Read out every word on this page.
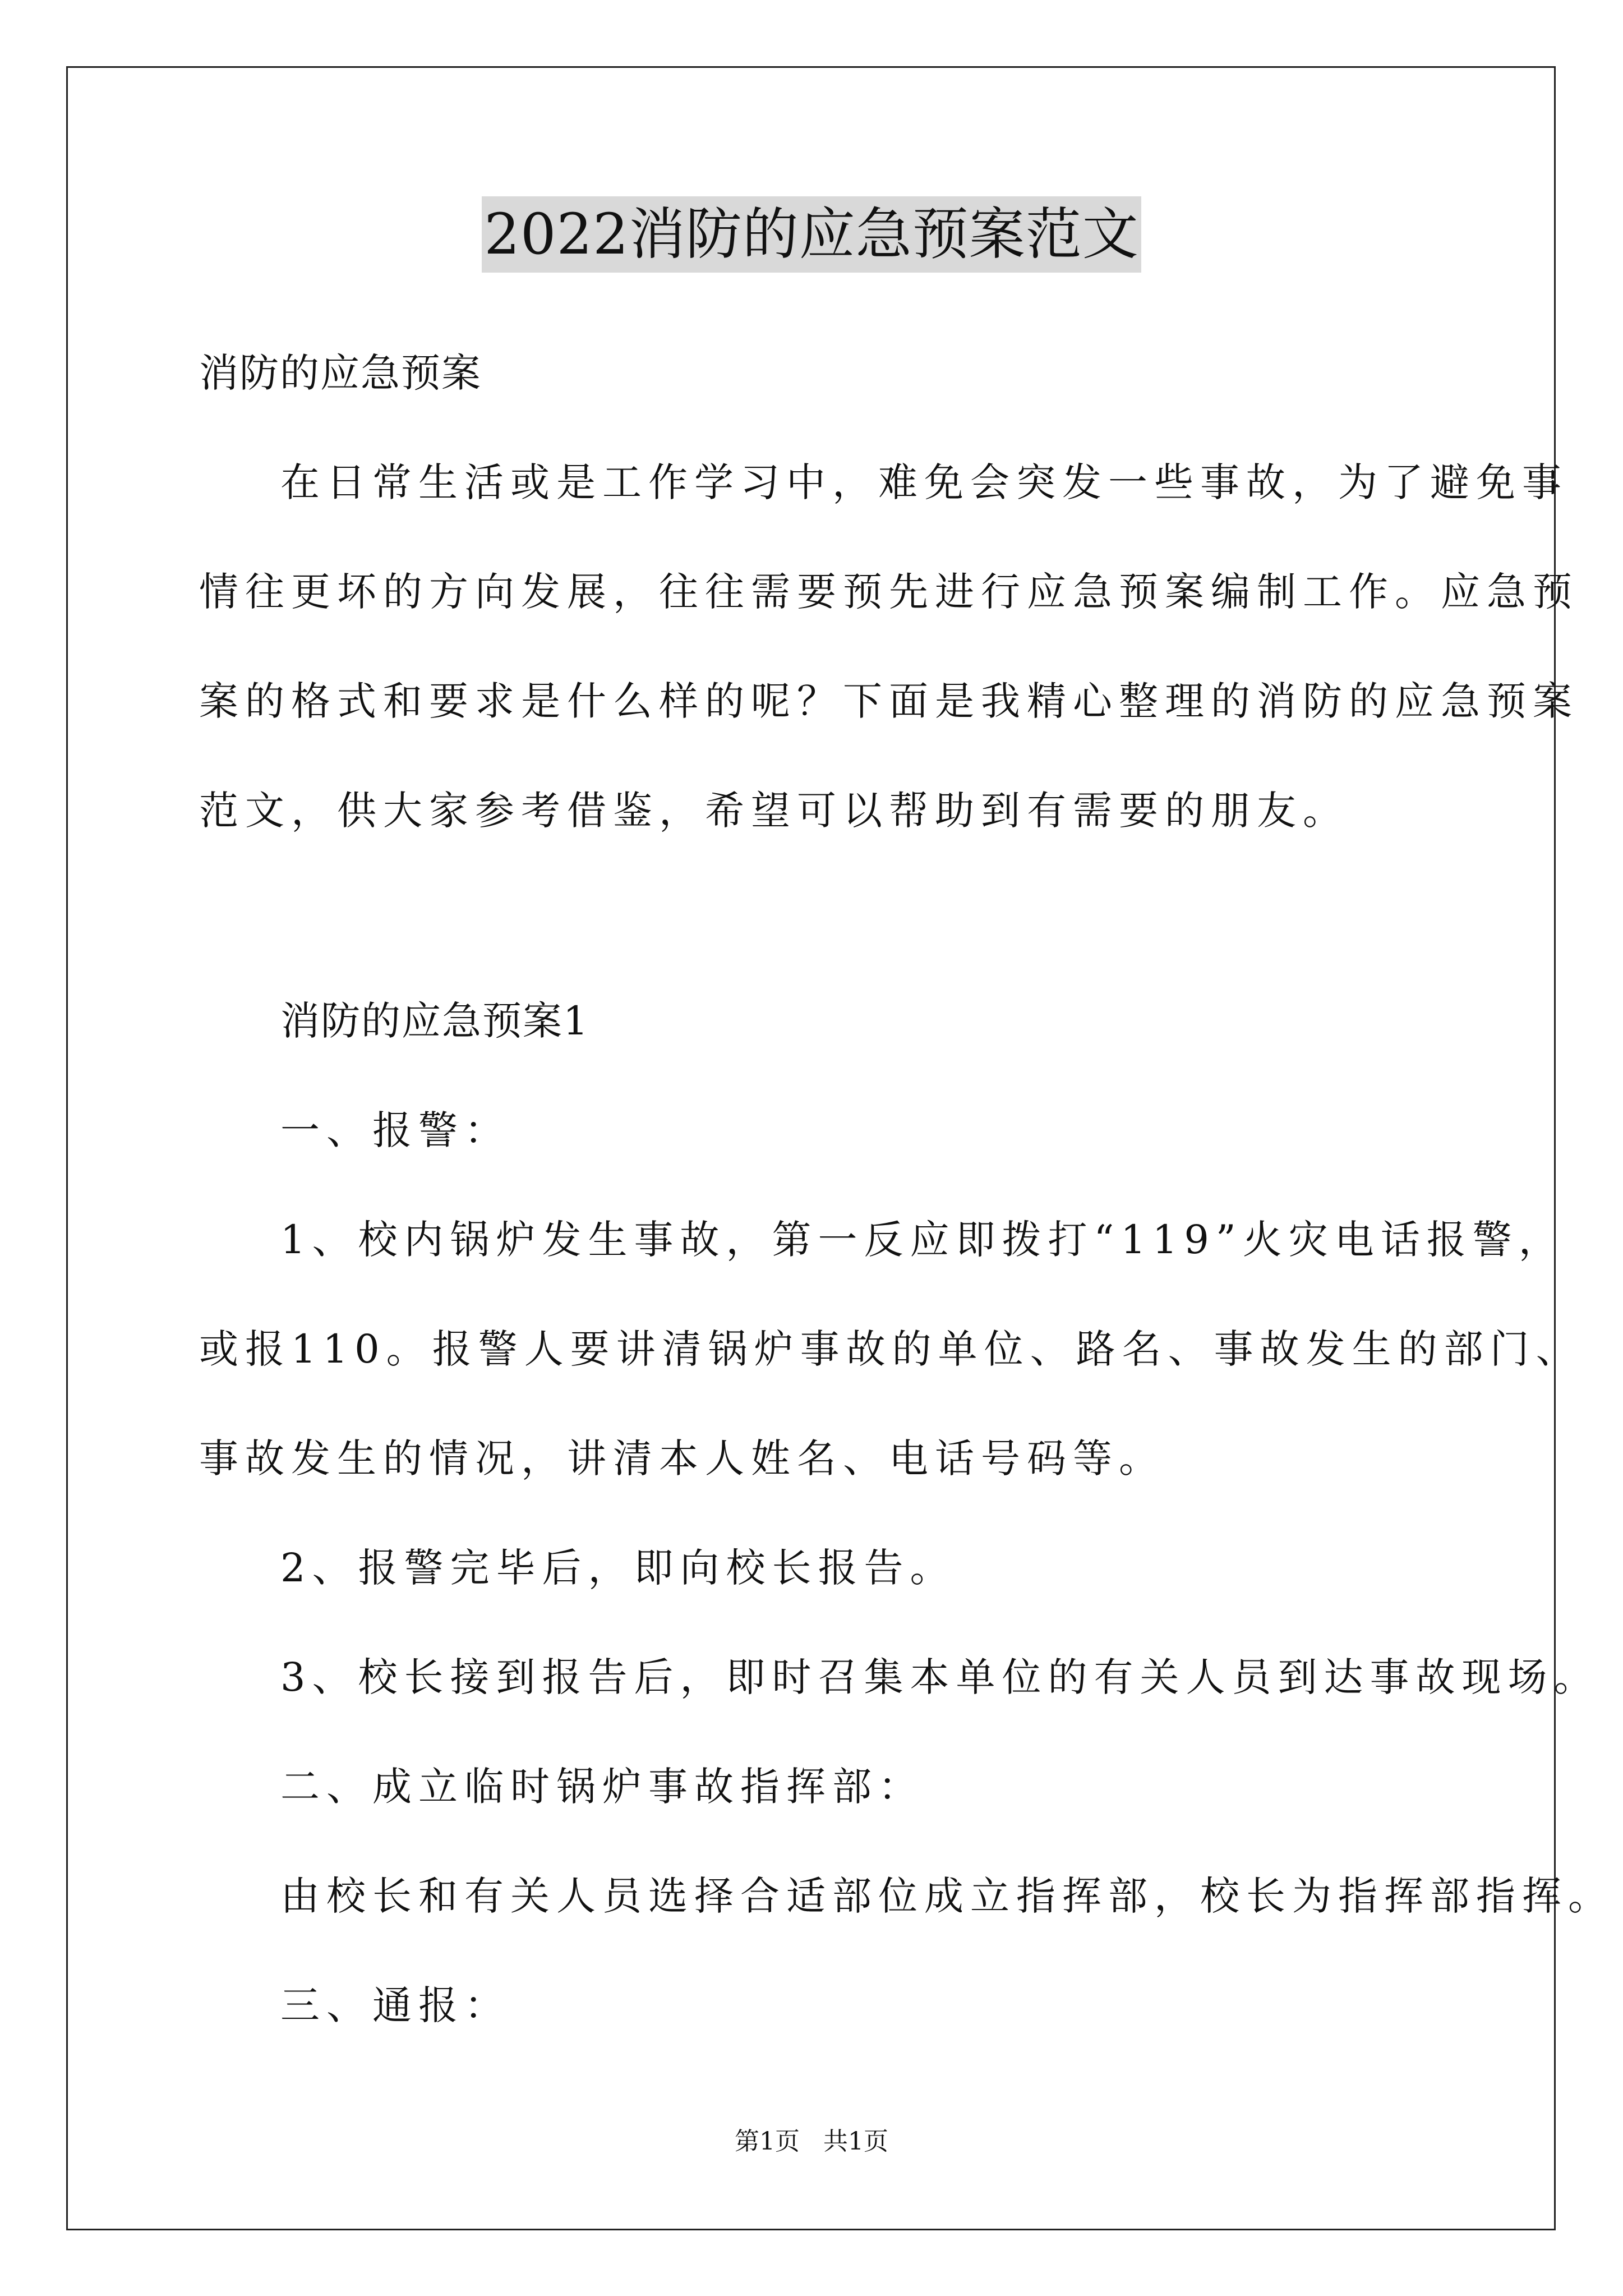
2022消防的应急预案范文
消防的应急预案
在日常生活或是工作学习中，难免会突发一些事故，为了避免事
情往更坏的方向发展，往往需要预先进行应急预案编制工作。应急预
案的格式和要求是什么样的呢？下面是我精心整理的消防的应急预案
范文，供大家参考借鉴，希望可以帮助到有需要的朋友。
消防的应急预案1
一、报警：
1、校内锅炉发生事故，第一反应即拨打“119”火灾电话报警，
或报110。报警人要讲清锅炉事故的单位、路名、事故发生的部门、
事故发生的情况，讲清本人姓名、电话号码等。
2、报警完毕后，即向校长报告。
3、校长接到报告后，即时召集本单位的有关人员到达事故现场。
二、成立临时锅炉事故指挥部：
由校长和有关人员选择合适部位成立指挥部，校长为指挥部指挥。
三、通报：
第1页   共1页
